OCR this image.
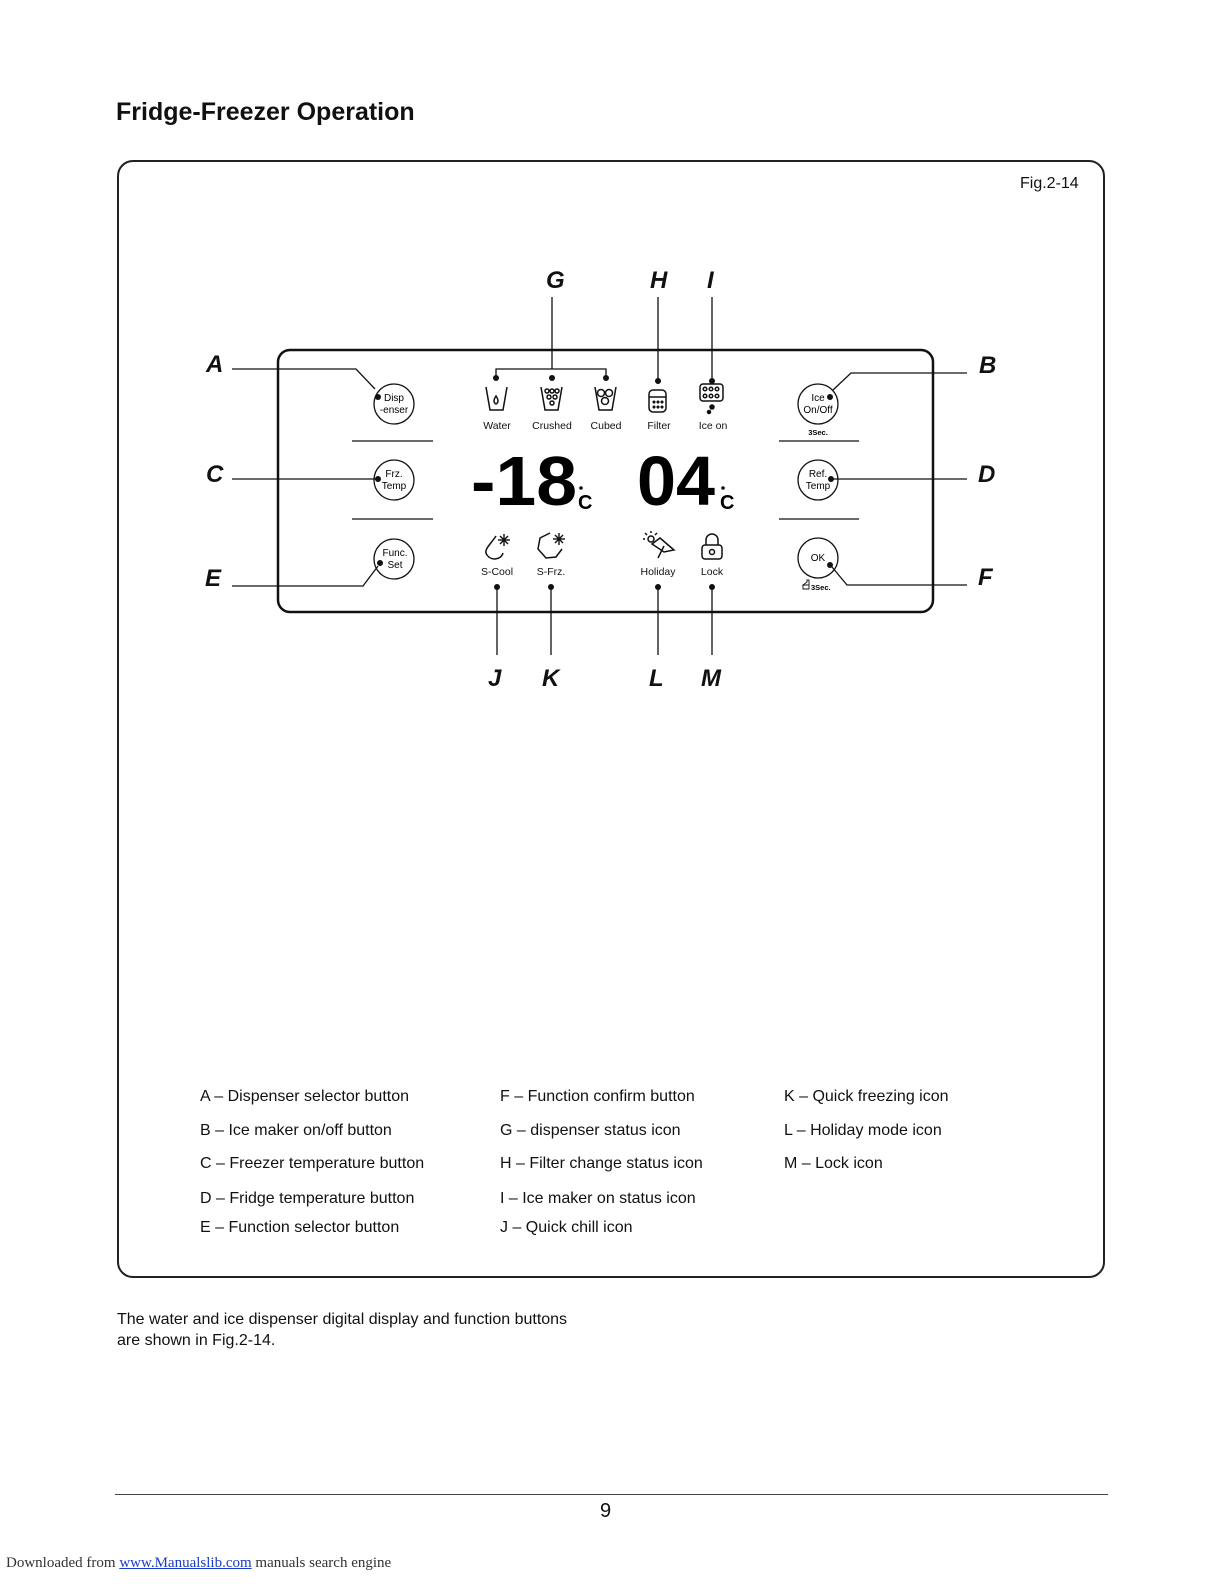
Fridge-Freezer Operation
Fig.2-14
Disp
-enser
Frz.
Temp
Func.
Set
Ice
On/Off
3Sec.
Ref.
Temp
OK
3Sec.
A	B
C	D
E	F
G	H I
J K	L M
Water Crushed Cubed Filter	Ice on
-18 C 04 C
S-Cool S-Frz.	Holiday Lock
A – Dispenser selector button
B – Ice maker on/off button
C – Freezer temperature button
D – Fridge temperature button
E – Function selector button
F – Function confirm button
G – dispenser status icon
H – Filter change status icon
I – Ice maker on status icon
J – Quick chill icon
K – Quick freezing icon
L – Holiday mode icon
M – Lock icon

The water and ice dispenser digital display and function buttons are shown in Fig.2-14.

9
Downloaded from www.Manualslib.com manuals search engine
